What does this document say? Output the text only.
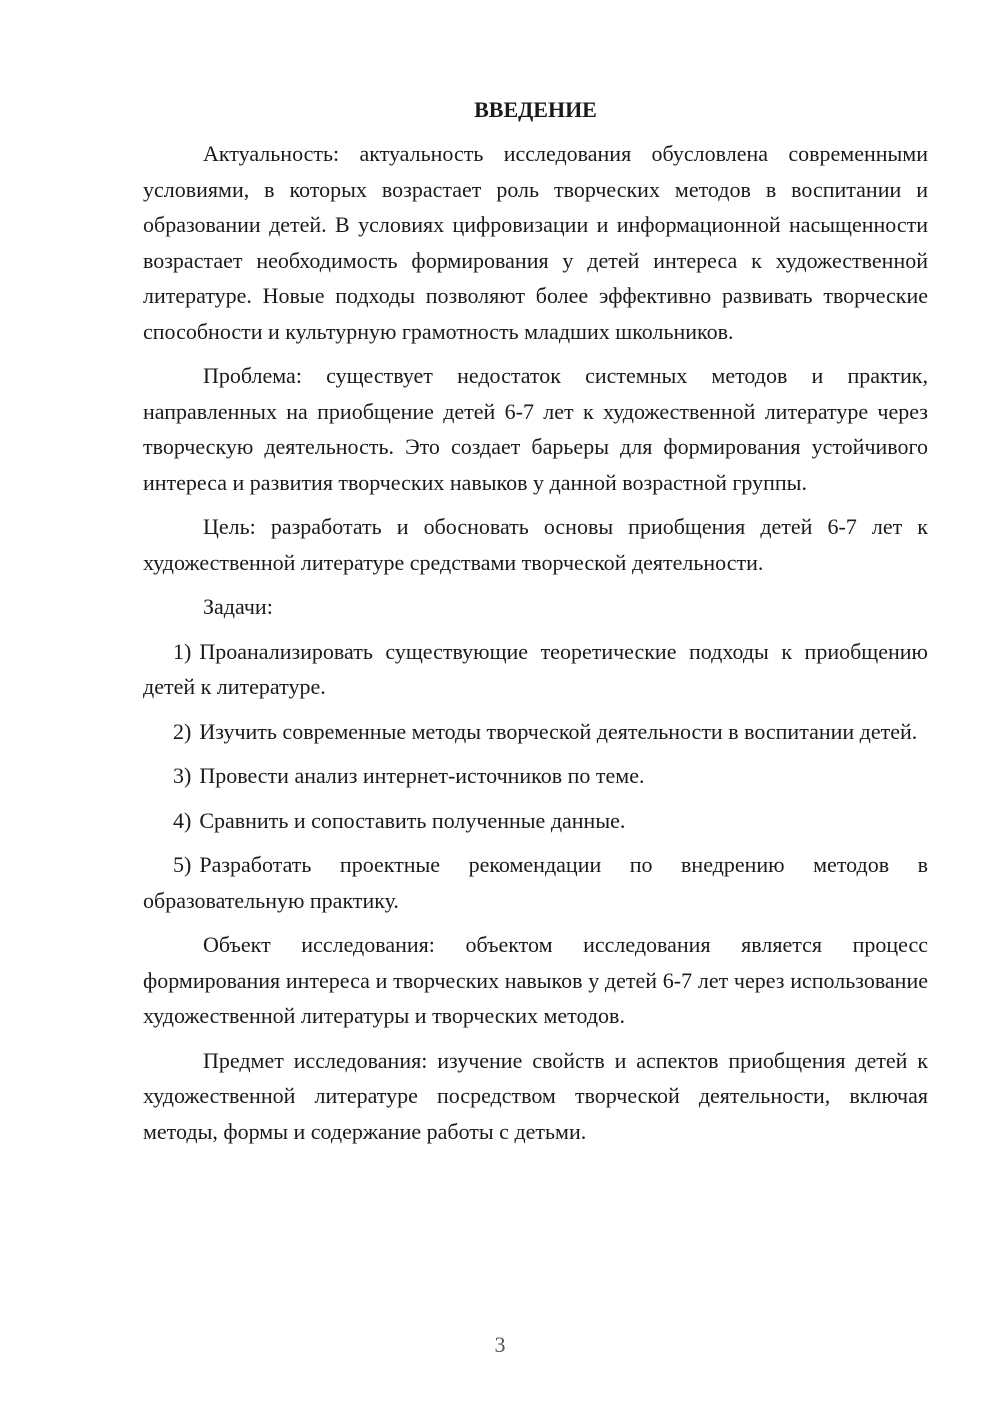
ВВЕДЕНИЕ

Актуальность: актуальность исследования обусловлена современными условиями, в которых возрастает роль творческих методов в воспитании и образовании детей. В условиях цифровизации и информационной насыщенности возрастает необходимость формирования у детей интереса к художественной литературе. Новые подходы позволяют более эффективно развивать творческие способности и культурную грамотность младших школьников.

Проблема: существует недостаток системных методов и практик, направленных на приобщение детей 6-7 лет к художественной литературе через творческую деятельность. Это создает барьеры для формирования устойчивого интереса и развития творческих навыков у данной возрастной группы.

Цель: разработать и обосновать основы приобщения детей 6-7 лет к художественной литературе средствами творческой деятельности.

Задачи:

1) Проанализировать существующие теоретические подходы к приобщению детей к литературе.

2) Изучить современные методы творческой деятельности в воспитании детей.

3) Провести анализ интернет-источников по теме.

4) Сравнить и сопоставить полученные данные.

5) Разработать проектные рекомендации по внедрению методов в образовательную практику.

Объект исследования: объектом исследования является процесс формирования интереса и творческих навыков у детей 6-7 лет через использование художественной литературы и творческих методов.

Предмет исследования: изучение свойств и аспектов приобщения детей к художественной литературе посредством творческой деятельности, включая методы, формы и содержание работы с детьми.

3
